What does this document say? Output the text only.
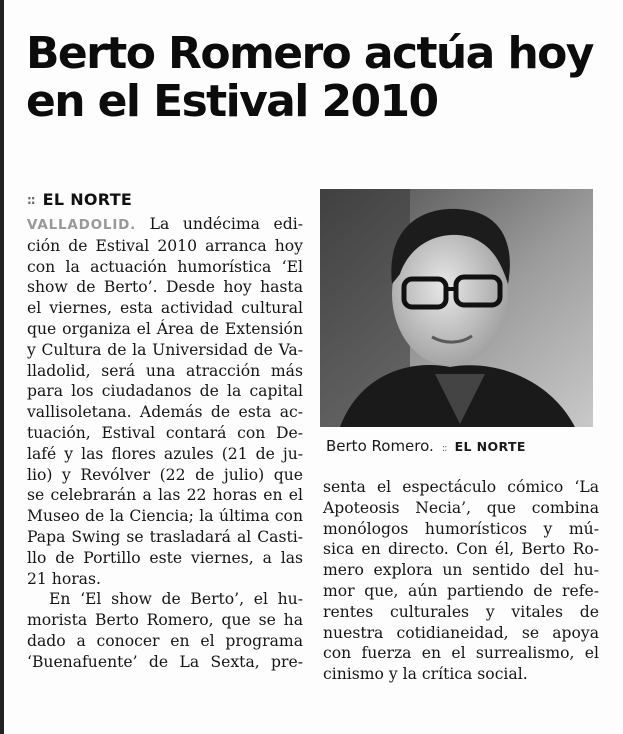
Berto Romero actúa hoy en el Estival 2010
:: EL NORTE
VALLADOLID. La undécima edi-
ción de Estival 2010 arranca hoy
con la actuación humorística ‘El
show de Berto’. Desde hoy hasta
el viernes, esta actividad cultural
que organiza el Área de Extensión
y Cultura de la Universidad de Va-
lladolid, será una atracción más
para los ciudadanos de la capital
vallisoletana. Además de esta ac-
tuación, Estival contará con De-
lafé y las flores azules (21 de ju-
lio) y Revólver (22 de julio) que
se celebrarán a las 22 horas en el
Museo de la Ciencia; la última con
Papa Swing se trasladará al Casti-
llo de Portillo este viernes, a las
21 horas.
En ‘El show de Berto’, el hu-
morista Berto Romero, que se ha
dado a conocer en el programa
‘Buenafuente’ de La Sexta, pre-
Berto Romero. :: EL NORTE
senta el espectáculo cómico ‘La
Apoteosis Necia’, que combina
monólogos humorísticos y mú-
sica en directo. Con él, Berto Ro-
mero explora un sentido del hu-
mor que, aún partiendo de refe-
rentes culturales y vitales de
nuestra cotidianeidad, se apoya
con fuerza en el surrealismo, el
cinismo y la crítica social.
